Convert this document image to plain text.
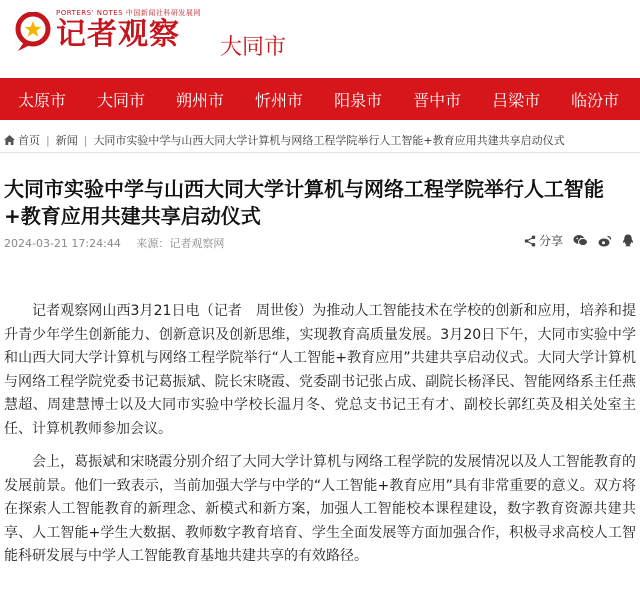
PORTERS' NOTES 中国新闻社科研发展网
记者观察	大同市
太原市	大同市	朔州市	忻州市	阳泉市	晋中市	吕梁市	临汾市
首页 | 新闻 | 大同市实验中学与山西大同大学计算机与网络工程学院举行人工智能+教育应用共建共享启动仪式
大同市实验中学与山西大同大学计算机与网络工程学院举行人工智能+教育应用共建共享启动仪式
2024-03-21 17:24:44 来源：记者观察网	分享

记者观察网山西3月21日电（记者　周世俊）为推动人工智能技术在学校的创新和应用，培养和提升青少年学生创新能力、创新意识及创新思维，实现教育高质量发展。3月20日下午，大同市实验中学和山西大同大学计算机与网络工程学院举行“人工智能+教育应用”共建共享启动仪式。大同大学计算机与网络工程学院党委书记葛振斌、院长宋晓霞、党委副书记张占成、副院长杨泽民、智能网络系主任燕慧超、周建慧博士以及大同市实验中学校长温月冬、党总支书记王有才、副校长郭红英及相关处室主任、计算机教师参加会议。

会上，葛振斌和宋晓霞分别介绍了大同大学计算机与网络工程学院的发展情况以及人工智能教育的发展前景。他们一致表示，当前加强大学与中学的“人工智能+教育应用”具有非常重要的意义。双方将在探索人工智能教育的新理念、新模式和新方案，加强人工智能校本课程建设，数字教育资源共建共享、人工智能+学生大数据、教师数字教育培育、学生全面发展等方面加强合作，积极寻求高校人工智能科研发展与中学人工智能教育基地共建共享的有效路径。
